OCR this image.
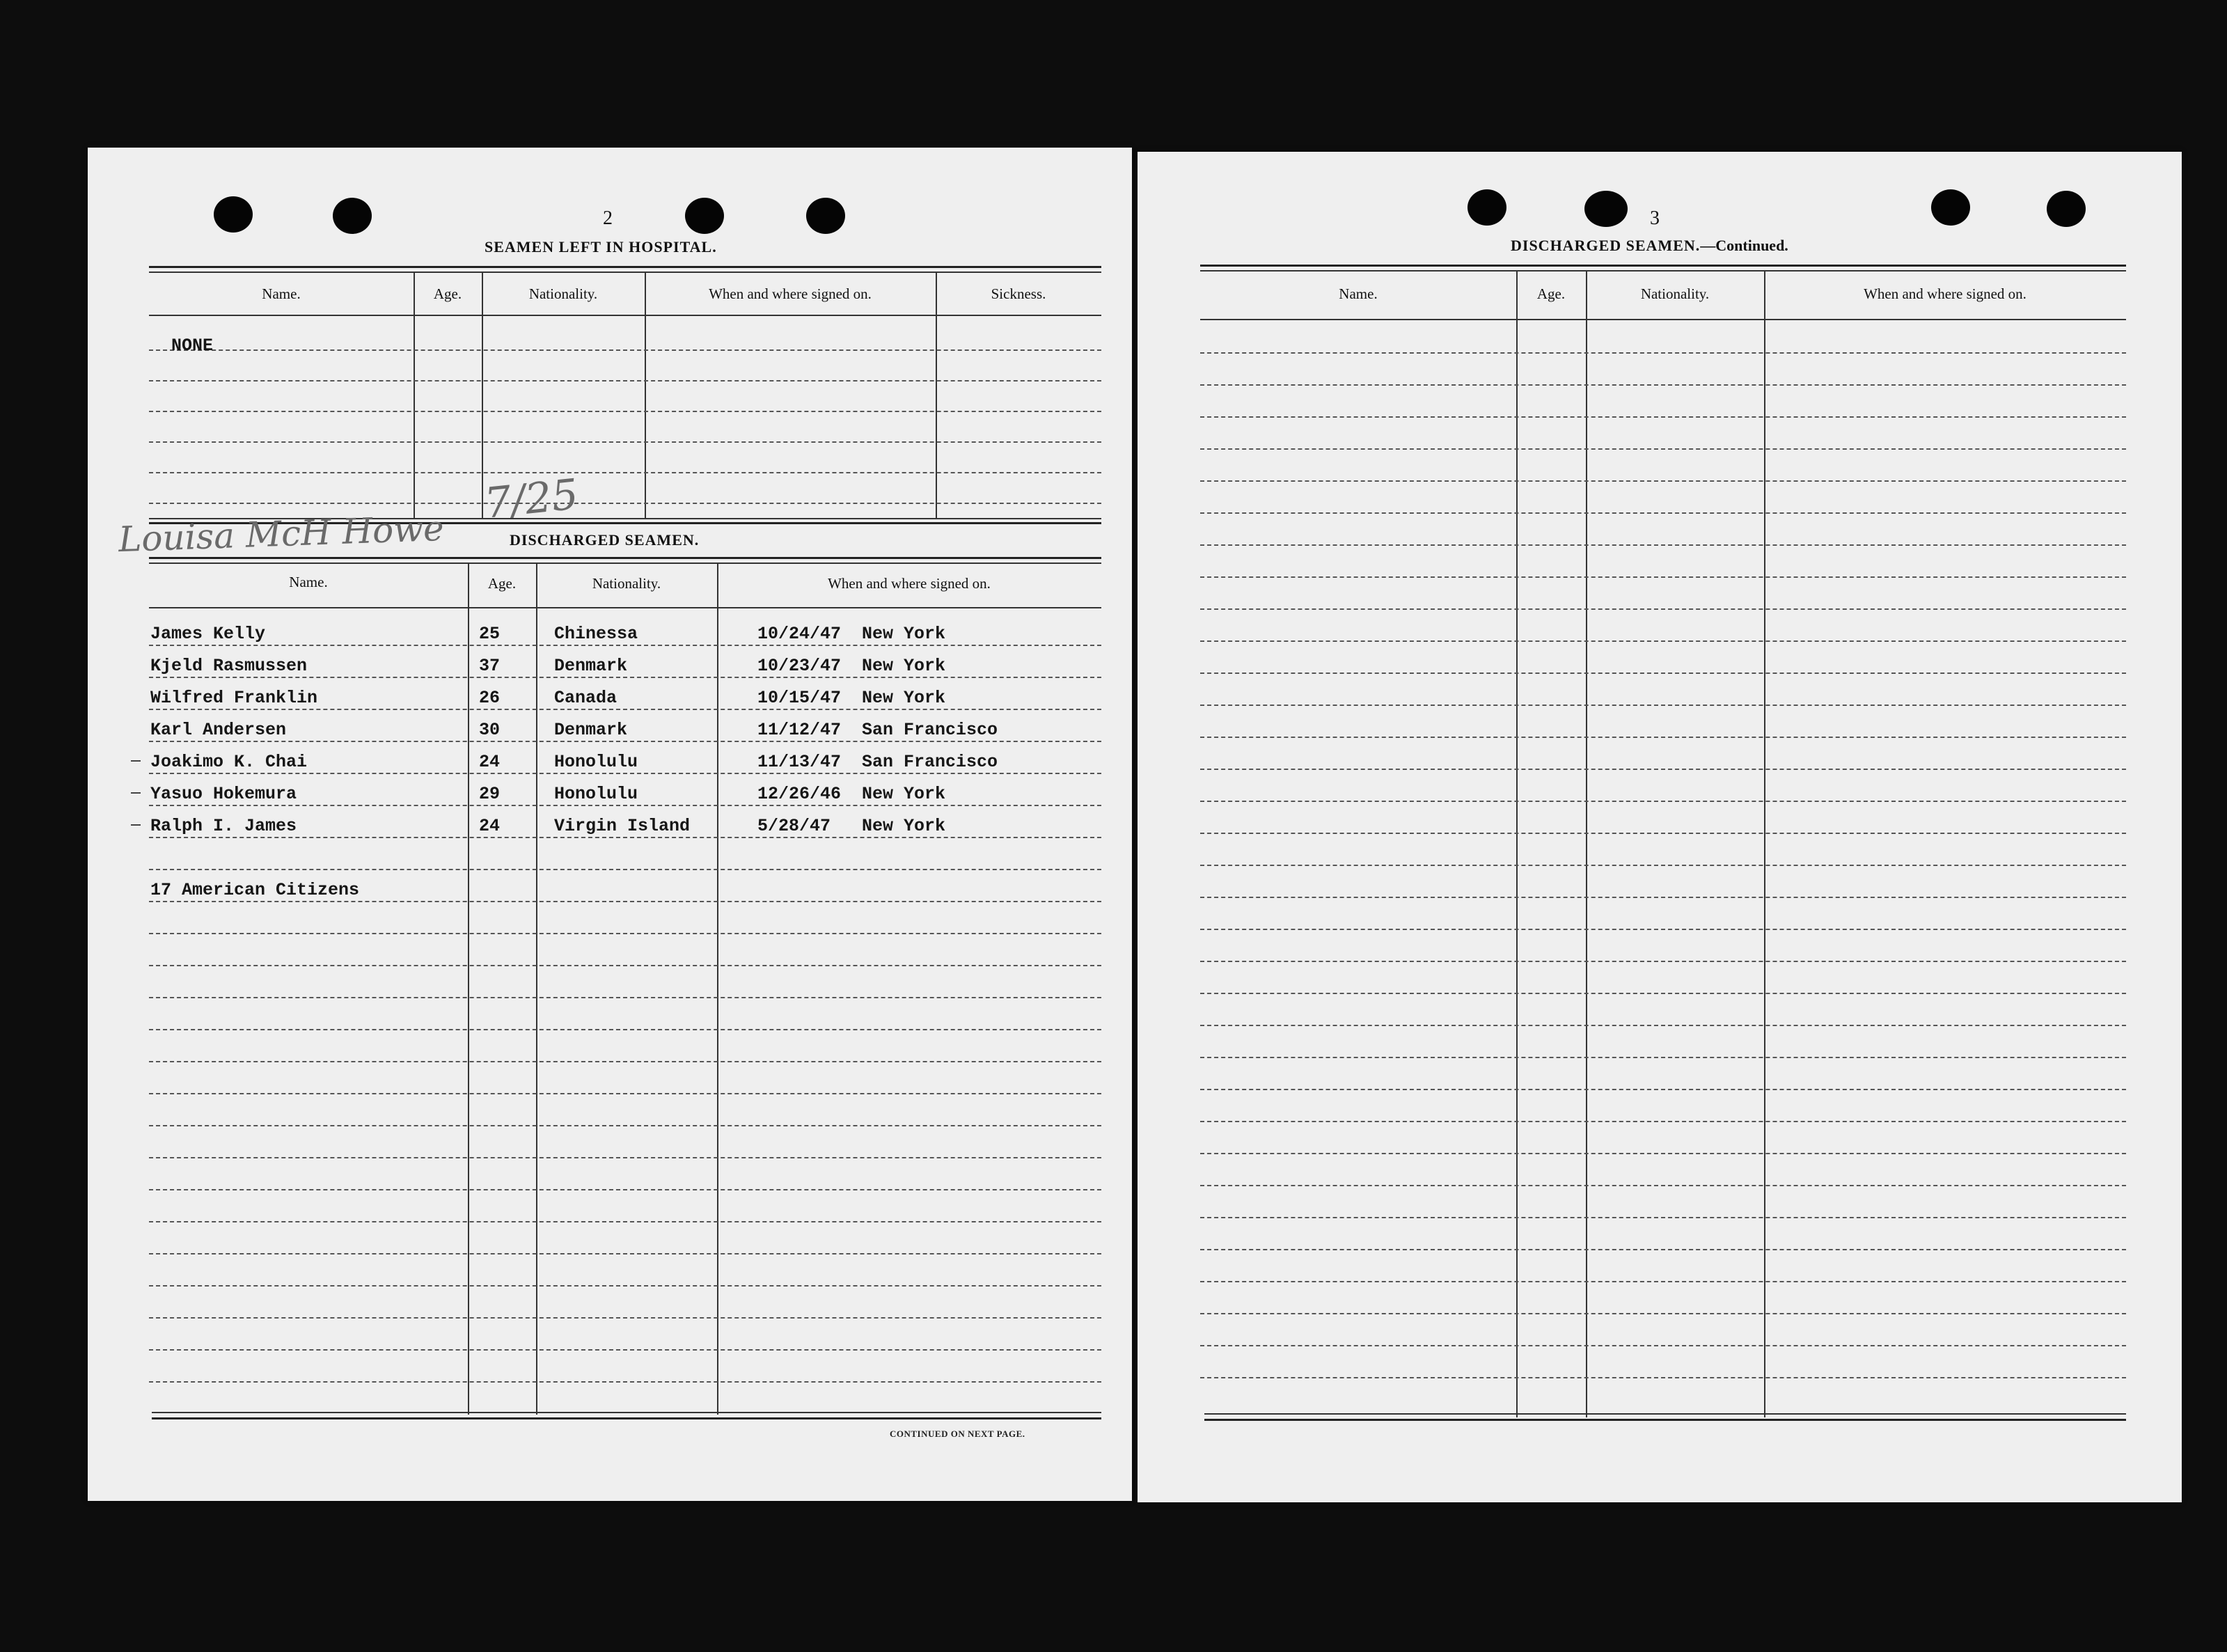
2
SEAMEN LEFT IN HOSPITAL.
Name.	Age.	Nationality.	When and where signed on.	Sickness.
NONE
7/25
Louisa McH Howe	DISCHARGED SEAMEN.
Name.	Age.	Nationality.	When and where signed on.
James Kelly	25	Chinessa	10/24/47 New York
Kjeld Rasmussen	37	Denmark	10/23/47 New York
Wilfred Franklin	26	Canada	10/15/47 New York
Karl Andersen	30	Denmark	11/12/47 San Francisco
Joakimo K. Chai	24	Honolulu	11/13/47 San Francisco
Yasuo Hokemura	29	Honolulu	12/26/46 New York
Ralph I. James	24	Virgin Island	5/28/47 New York
17 American Citizens
CONTINUED ON NEXT PAGE.
3
DISCHARGED SEAMEN.—Continued.
Name.	Age.	Nationality.	When and where signed on.
